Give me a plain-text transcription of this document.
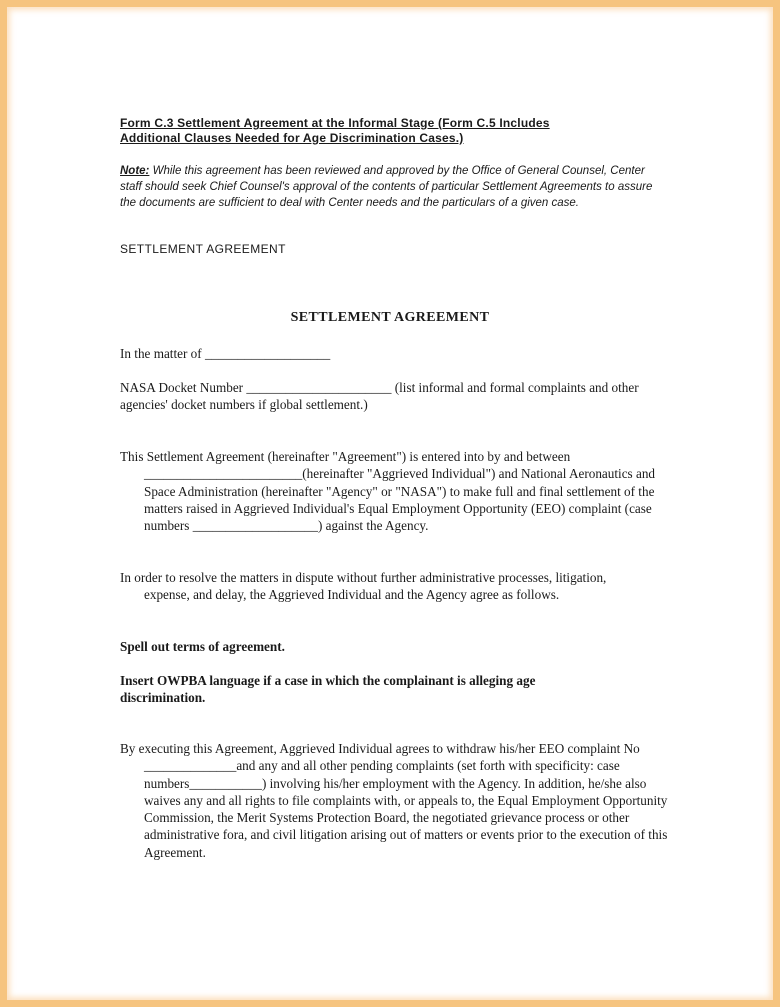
Form C.3 Settlement Agreement at the Informal Stage (Form C.5 Includes
Additional Clauses Needed for Age Discrimination Cases.)
Note: While this agreement has been reviewed and approved by the Office of General Counsel, Center staff should seek Chief Counsel's approval of the contents of particular Settlement Agreements to assure the documents are sufficient to deal with Center needs and the particulars of a given case.
SETTLEMENT AGREEMENT
SETTLEMENT AGREEMENT
In the matter of ___________________
NASA Docket Number ______________________ (list informal and formal complaints and other agencies' docket numbers if global settlement.)
This Settlement Agreement (hereinafter "Agreement") is entered into by and between ________________________(hereinafter "Aggrieved Individual") and National Aeronautics and Space Administration (hereinafter "Agency" or "NASA") to make full and final settlement of the matters raised in Aggrieved Individual's Equal Employment Opportunity (EEO) complaint (case numbers ___________________) against the Agency.
In order to resolve the matters in dispute without further administrative processes, litigation, expense, and delay, the Aggrieved Individual and the Agency agree as follows.
Spell out terms of agreement.
Insert OWPBA language if a case in which the complainant is alleging age discrimination.
By executing this Agreement, Aggrieved Individual agrees to withdraw his/her EEO complaint No ______________and any and all other pending complaints (set forth with specificity: case numbers___________) involving his/her employment with the Agency. In addition, he/she also waives any and all rights to file complaints with, or appeals to, the Equal Employment Opportunity Commission, the Merit Systems Protection Board, the negotiated grievance process or other administrative fora, and civil litigation arising out of matters or events prior to the execution of this Agreement.
